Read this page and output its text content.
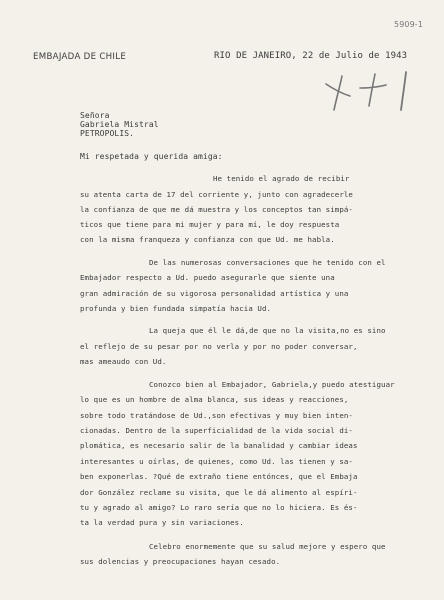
5909-1
EMBAJADA DE CHILE	RIO DE JANEIRO, 22 de Julio de 1943
Señora
Gabriela Mistral
PETROPOLIS.
Mi respetada y querida amiga:
He tenido el agrado de recibir
su atenta carta de 17 del corriente y, junto con agradecerle
la confianza de que me dá muestra y los conceptos tan simpá-
ticos que tiene para mi mujer y para mí, le doy respuesta
con la misma franqueza y confianza con que Ud. me habla.
De las numerosas conversaciones que he tenido con el
Embajador respecto a Ud. puedo asegurarle que siente una
gran admiración de su vigorosa personalidad artística y una
profunda y bien fundada simpatía hacia Ud.
La queja que él le dá,de que no la visita,no es sino
el reflejo de su pesar por no verla y por no poder conversar,
mas ameaudo con Ud.
Conozco bien al Embajador, Gabriela,y puedo atestiguar
lo que es un hombre de alma blanca, sus ideas y reacciones,
sobre todo tratándose de Ud.,son efectivas y muy bien inten-
cionadas. Dentro de la superficialidad de la vida social di-
plomática, es necesario salir de la banalidad y cambiar ideas
interesantes u oírlas, de quienes, como Ud. las tienen y sa-
ben exponerlas. ?Qué de extraño tiene entónces, que el Embaja
dor González reclame su visita, que le dá alimento al espíri-
tu y agrado al amigo? Lo raro sería que no lo hiciera. Es és-
ta la verdad pura y sin variaciones.
Celebro enormemente que su salud mejore y espero que
sus dolencias y preocupaciones hayan cesado.
